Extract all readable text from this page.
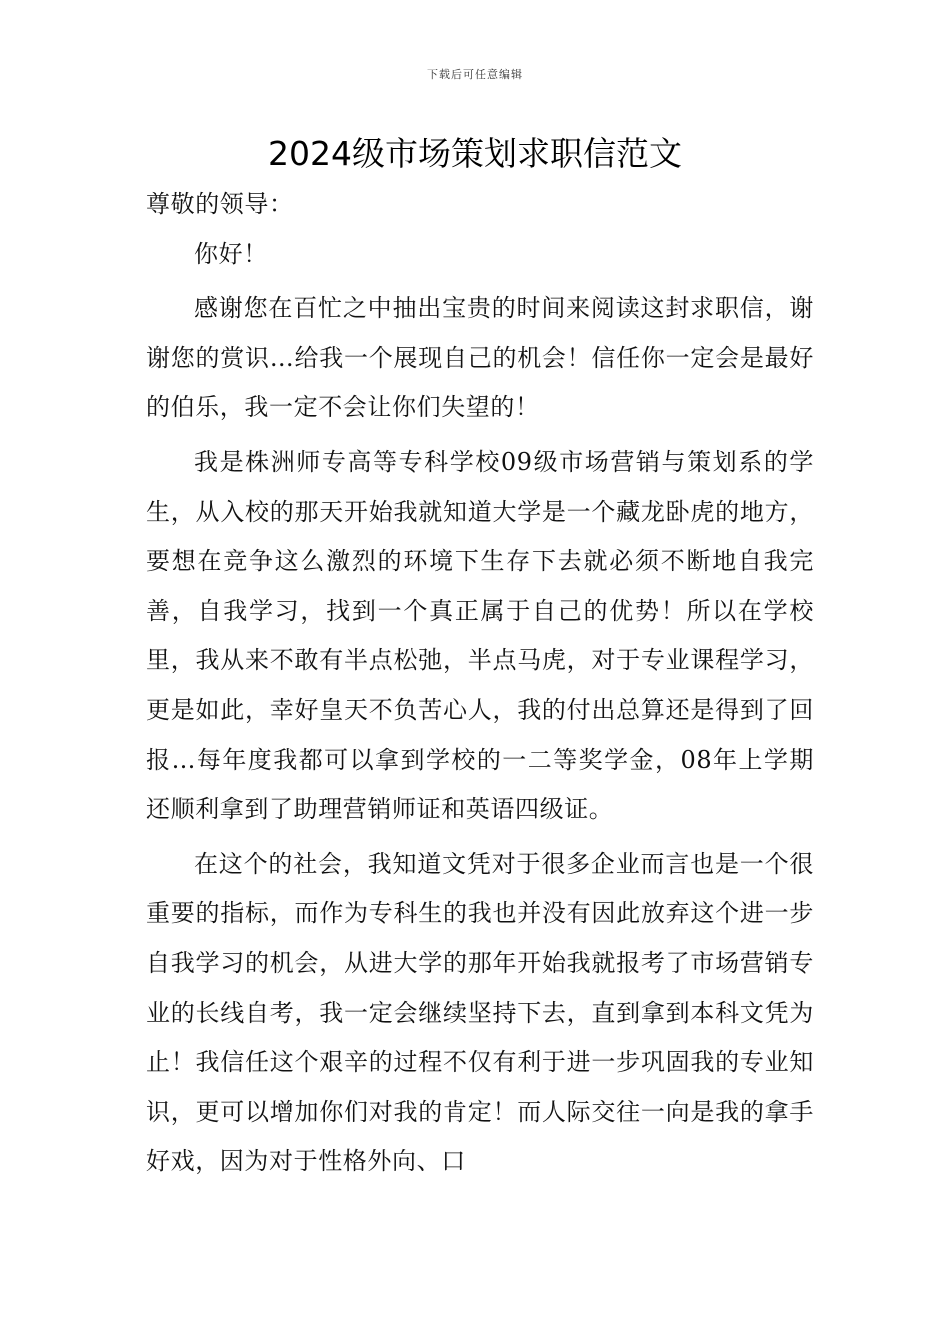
下载后可任意编辑
2024级市场策划求职信范文

尊敬的领导：

你好！

感谢您在百忙之中抽出宝贵的时间来阅读这封求职信，谢谢您的赏识…给我一个展现自己的机会！信任你一定会是最好的伯乐，我一定不会让你们失望的！

我是株洲师专高等专科学校09级市场营销与策划系的学生，从入校的那天开始我就知道大学是一个藏龙卧虎的地方，要想在竞争这么激烈的环境下生存下去就必须不断地自我完善，自我学习，找到一个真正属于自己的优势！所以在学校里，我从来不敢有半点松弛，半点马虎，对于专业课程学习，更是如此，幸好皇天不负苦心人，我的付出总算还是得到了回报…每年度我都可以拿到学校的一二等奖学金，08年上学期还顺利拿到了助理营销师证和英语四级证。

在这个的社会，我知道文凭对于很多企业而言也是一个很重要的指标，而作为专科生的我也并没有因此放弃这个进一步自我学习的机会，从进大学的那年开始我就报考了市场营销专业的长线自考，我一定会继续坚持下去，直到拿到本科文凭为止！我信任这个艰辛的过程不仅有利于进一步巩固我的专业知识，更可以增加你们对我的肯定！而人际交往一向是我的拿手好戏，因为对于性格外向、口
